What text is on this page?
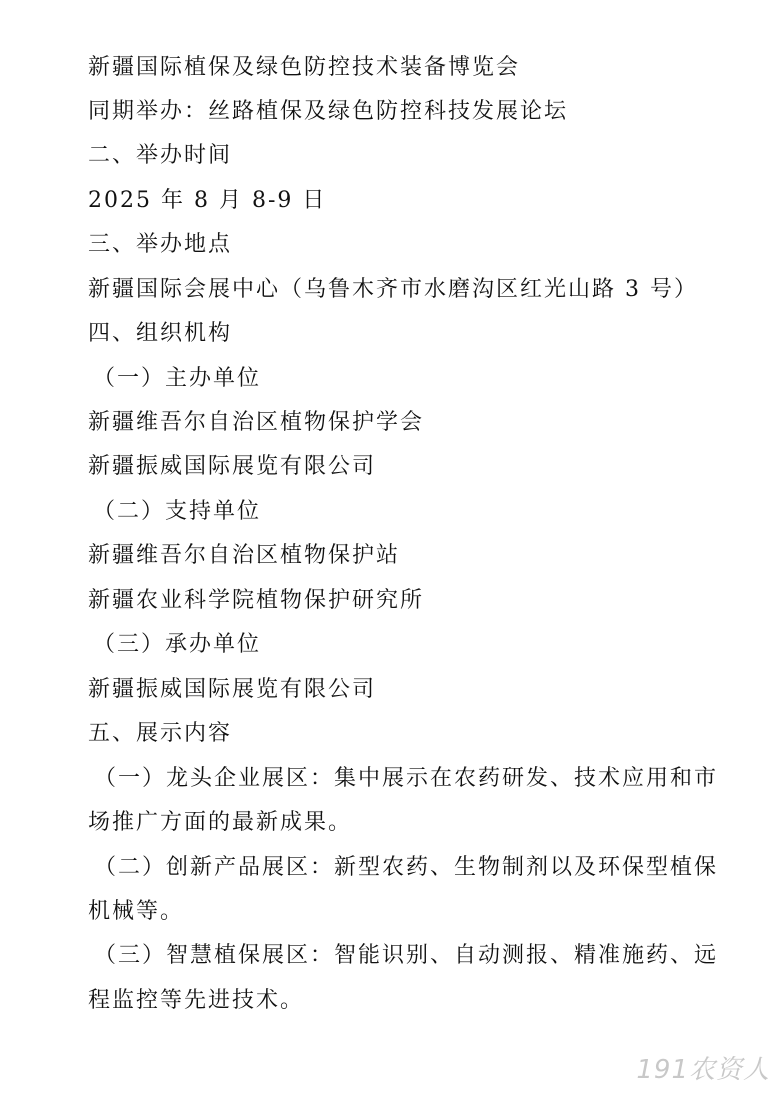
新疆国际植保及绿色防控技术装备博览会
同期举办：丝路植保及绿色防控科技发展论坛
二、举办时间
2025 年 8 月 8-9 日
三、举办地点
新疆国际会展中心（乌鲁木齐市水磨沟区红光山路 3 号）
四、组织机构
（一）主办单位
新疆维吾尔自治区植物保护学会
新疆振威国际展览有限公司
（二）支持单位
新疆维吾尔自治区植物保护站
新疆农业科学院植物保护研究所
（三）承办单位
新疆振威国际展览有限公司
五、展示内容
（一）龙头企业展区：集中展示在农药研发、技术应用和市
场推广方面的最新成果。
（二）创新产品展区：新型农药、生物制剂以及环保型植保
机械等。
（三）智慧植保展区：智能识别、自动测报、精准施药、远
程监控等先进技术。
191农资人
